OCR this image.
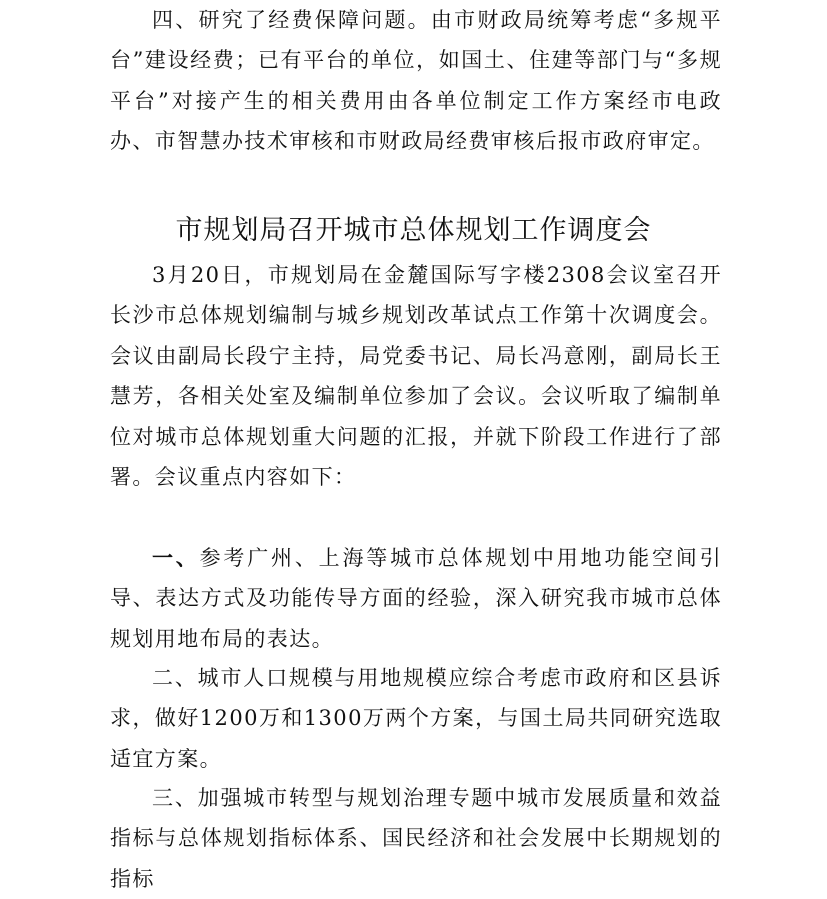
四、研究了经费保障问题。由市财政局统筹考虑“多规平台”建设经费；已有平台的单位，如国土、住建等部门与“多规平台”对接产生的相关费用由各单位制定工作方案经市电政办、市智慧办技术审核和市财政局经费审核后报市政府审定。

市规划局召开城市总体规划工作调度会

3月20日，市规划局在金麓国际写字楼2308会议室召开长沙市总体规划编制与城乡规划改革试点工作第十次调度会。会议由副局长段宁主持，局党委书记、局长冯意刚，副局长王慧芳，各相关处室及编制单位参加了会议。会议听取了编制单位对城市总体规划重大问题的汇报，并就下阶段工作进行了部署。会议重点内容如下：

一、参考广州、上海等城市总体规划中用地功能空间引导、表达方式及功能传导方面的经验，深入研究我市城市总体规划用地布局的表达。

二、城市人口规模与用地规模应综合考虑市政府和区县诉求，做好1200万和1300万两个方案，与国土局共同研究选取适宜方案。

三、加强城市转型与规划治理专题中城市发展质量和效益指标与总体规划指标体系、国民经济和社会发展中长期规划的指标
